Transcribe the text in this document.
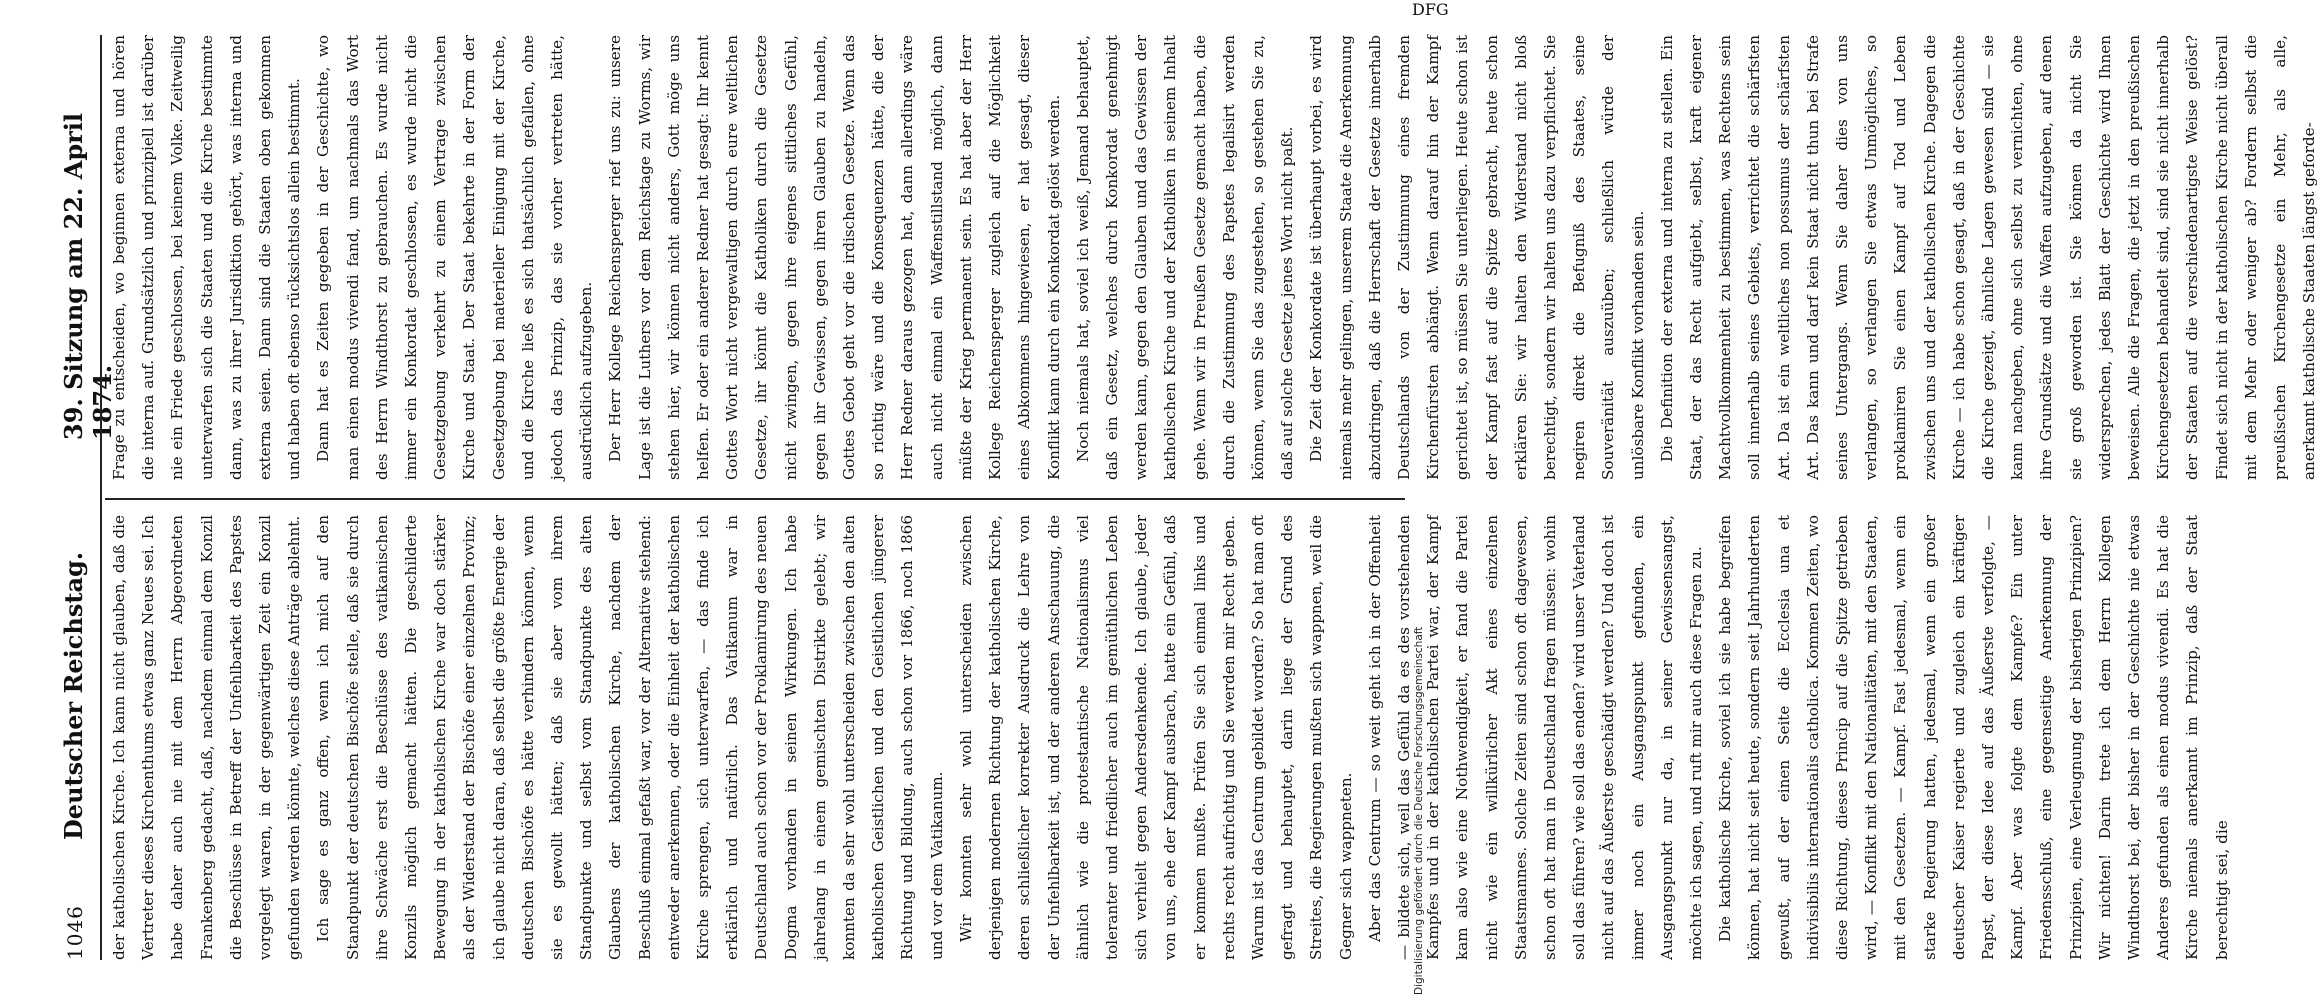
1046
Deutscher Reichstag.
39. Sitzung am 22. April 1874.

der katholischen Kirche. Ich kann nicht glauben, daß die Vertreter dieses Kirchenthums etwas ganz Neues sei. Ich habe daher auch nie mit dem Herrn Abgeordneten Frankenberg gedacht, daß, nachdem einmal dem Konzil die Beschlüsse in Betreff der Unfehlbarkeit des Papstes vorgelegt waren, in der gegenwärtigen Zeit ein Konzil gefunden werden könnte, welches diese Anträge ablehnt. Ich sage es ganz offen, wenn ich mich auf den Standpunkt der deutschen Bischöfe stelle, daß sie durch ihre Schwäche erst die Beschlüsse des vatikanischen Konzils möglich gemacht hätten. Die geschilderte Bewegung in der katholischen Kirche war doch stärker als der Widerstand der Bischöfe einer einzelnen Provinz; ich glaube nicht daran, daß selbst die größte Energie der deutschen Bischöfe es hätte verhindern können, wenn sie es gewollt hätten; daß sie aber vom ihrem Standpunkte und selbst vom Standpunkte des alten Glaubens der katholischen Kirche, nachdem der Beschluß einmal gefaßt war, vor der Alternative stehend: entweder anerkennen, oder die Einheit der katholischen Kirche sprengen, sich unterwarfen, — das finde ich erklärlich und natürlich. Das Vatikanum war in Deutschland auch schon vor der Proklamirung des neuen Dogma vorhanden in seinen Wirkungen. Ich habe jahrelang in einem gemischten Distrikte gelebt; wir konnten da sehr wohl unterscheiden zwischen den alten katholischen Geistlichen und den Geistlichen jüngerer Richtung und Bildung, auch schon vor 1866, noch 1866 und vor dem Vatikanum. Wir konnten sehr wohl unterscheiden zwischen derjenigen modernen Richtung der katholischen Kirche, deren schließlicher korrekter Ausdruck die Lehre von der Unfehlbarkeit ist, und der anderen Anschauung, die ähnlich wie die protestantische Nationalismus viel toleranter und friedlicher auch im gemüthlichen Leben sich verhielt gegen Andersdenkende. Ich glaube, jeder von uns, ehe der Kampf ausbrach, hatte ein Gefühl, daß er kommen mußte. Prüfen Sie sich einmal links und rechts recht aufrichtig und Sie werden mir Recht geben. Warum ist das Centrum gebildet worden? So hat man oft gefragt und behauptet, darin liege der Grund des Streites, die Regierungen mußten sich wappnen, weil die Gegner sich wappneten. Aber das Centrum — so weit geht ich in der Offenheit — bildete sich, weil das Gefühl da es des vorstehenden Kampfes und in der katholischen Partei war, der Kampf kam also wie eine Nothwendigkeit, er fand die Partei nicht wie ein willkürlicher Akt eines einzelnen Staatsmannes. Solche Zeiten sind schon oft dagewesen, schon oft hat man in Deutschland fragen müssen: wohin soll das führen? wie soll das enden? wird unser Vaterland nicht auf das Äußerste geschädigt werden? Und doch ist immer noch ein Ausgangspunkt gefunden, ein Ausgangspunkt nur da, in seiner Gewissensangst, möchte ich sagen, und ruft mir auch diese Fragen zu. Die katholische Kirche, soviel ich sie habe begreifen können, hat nicht seit heute, sondern seit Jahrhunderten gewußt, auf der einen Seite die Ecclesia una et indivisibilis internationalis catholica. Kommen Zeiten, wo diese Richtung, dieses Princip auf die Spitze getrieben wird, — Konflikt mit den Nationalitäten, mit den Staaten, mit den Gesetzen. — Kampf. Fast jedesmal, wenn ein starke Regierung hatten, jedesmal, wenn ein großer deutscher Kaiser regierte und zugleich ein kräftiger Papst, der diese Idee auf das Äußerste verfolgte, — Kampf. Aber was folgte dem Kampfe? Ein unter Friedensschluß, eine gegenseitige Anerkennung der Prinzipien, eine Verleugnung der bisherigen Prinzipien? Wir nichten! Darin trete ich dem Herrn Kollegen Windthorst bei, der bisher in der Geschichte nie etwas Anderes gefunden als einen modus vivendi. Es hat die Kirche niemals anerkannt im Prinzip, daß der Staat berechtigt sei, die

Frage zu entscheiden, wo beginnen externa und hören die interna auf. Grundsätzlich und prinzipiell ist darüber nie ein Friede geschlossen, bei keinem Volke. Zeitweilig unterwarfen sich die Staaten und die Kirche bestimmte dann, was zu ihrer Jurisdiktion gehört, was interna und externa seien. Dann sind die Staaten oben gekommen und haben oft ebenso rücksichtslos allein bestimmt. Dann hat es Zeiten gegeben in der Geschichte, wo man einen modus vivendi fand, um nachmals das Wort des Herrn Windthorst zu gebrauchen. Es wurde nicht immer ein Konkordat geschlossen, es wurde nicht die Gesetzgebung verkehrt zu einem Vertrage zwischen Kirche und Staat. Der Staat bekehrte in der Form der Gesetzgebung bei materieller Einigung mit der Kirche, und die Kirche ließ es sich thatsächlich gefallen, ohne jedoch das Prinzip, das sie vorher vertreten hätte, ausdrücklich aufzugeben. Der Herr Kollege Reichensperger rief uns zu: unsere Lage ist die Luthers vor dem Reichstage zu Worms, wir stehen hier, wir können nicht anders, Gott möge uns helfen. Er oder ein anderer Redner hat gesagt: Ihr kennt Gottes Wort nicht vergewaltigen durch eure weltlichen Gesetze, ihr könnt die Katholiken durch die Gesetze nicht zwingen, gegen ihre eigenes sittliches Gefühl, gegen ihr Gewissen, gegen ihren Glauben zu handeln, Gottes Gebot geht vor die irdischen Gesetze. Wenn das so richtig wäre und die Konsequenzen hätte, die der Herr Redner daraus gezogen hat, dann allerdings wäre auch nicht einmal ein Waffenstillstand möglich, dann müßte der Krieg permanent sein. Es hat aber der Herr Kollege Reichensperger zugleich auf die Möglichkeit eines Abkommens hingewiesen, er hat gesagt, dieser Konflikt kann durch ein Konkordat gelöst werden. Noch niemals hat, soviel ich weiß, Jemand behauptet, daß ein Gesetz, welches durch Konkordat genehmigt werden kann, gegen den Glauben und das Gewissen der katholischen Kirche und der Katholiken in seinem Inhalt gehe. Wenn wir in Preußen Gesetze gemacht haben, die durch die Zustimmung des Papstes legalisirt werden können, wenn Sie das zugestehen, so gestehen Sie zu, daß auf solche Gesetze jenes Wort nicht paßt. Die Zeit der Konkordate ist überhaupt vorbei, es wird niemals mehr gelingen, unserem Staate die Anerkennung abzudringen, daß die Herrschaft der Gesetze innerhalb Deutschlands von der Zustimmung eines fremden Kirchenfürsten abhängt. Wenn darauf hin der Kampf gerichtet ist, so müssen Sie unterliegen. Heute schon ist der Kampf fast auf die Spitze gebracht, heute schon erklären Sie: wir halten den Widerstand nicht bloß berechtigt, sondern wir halten uns dazu verpflichtet. Sie negiren direkt die Befugniß des Staates, seine Souveränität auszuüben; schließlich würde der unlösbare Konflikt vorhanden sein. Die Definition der externa und interna zu stellen. Ein Staat, der das Recht aufgiebt, selbst, kraft eigener Machtvollkommenheit zu bestimmen, was Rechtens sein soll innerhalb seines Gebiets, verrichtet die schärfsten Art. Da ist ein weltliches non possumus der schärfsten Art. Das kann und darf kein Staat nicht thun bei Strafe seines Untergangs. Wenn Sie daher dies von uns verlangen, so verlangen Sie etwas Unmögliches, so proklamiren Sie einen Kampf auf Tod und Leben zwischen uns und der katholischen Kirche. Dagegen die Kirche — ich habe schon gesagt, daß in der Geschichte die Kirche gezeigt, ähnliche Lagen gewesen sind — sie kann nachgeben, ohne sich selbst zu vernichten, ohne ihre Grundsätze und die Waffen aufzugeben, auf denen sie groß geworden ist. Sie können da nicht Sie widersprechen, jedes Blatt der Geschichte wird Ihnen beweisen. Alle die Fragen, die jetzt in den preußischen Kirchengesetzen behandelt sind, sind sie nicht innerhalb der Staaten auf die verschiedenartigste Weise gelöst? Findet sich nicht in der katholischen Kirche nicht überall mit dem Mehr oder weniger ab? Fordern selbst die preußischen Kirchengesetze ein Mehr, als alle, anerkannt katholische Staaten längst geforde-

Digitalisierung gefördert durch die Deutsche Forschungsgemeinschaft
DFG
